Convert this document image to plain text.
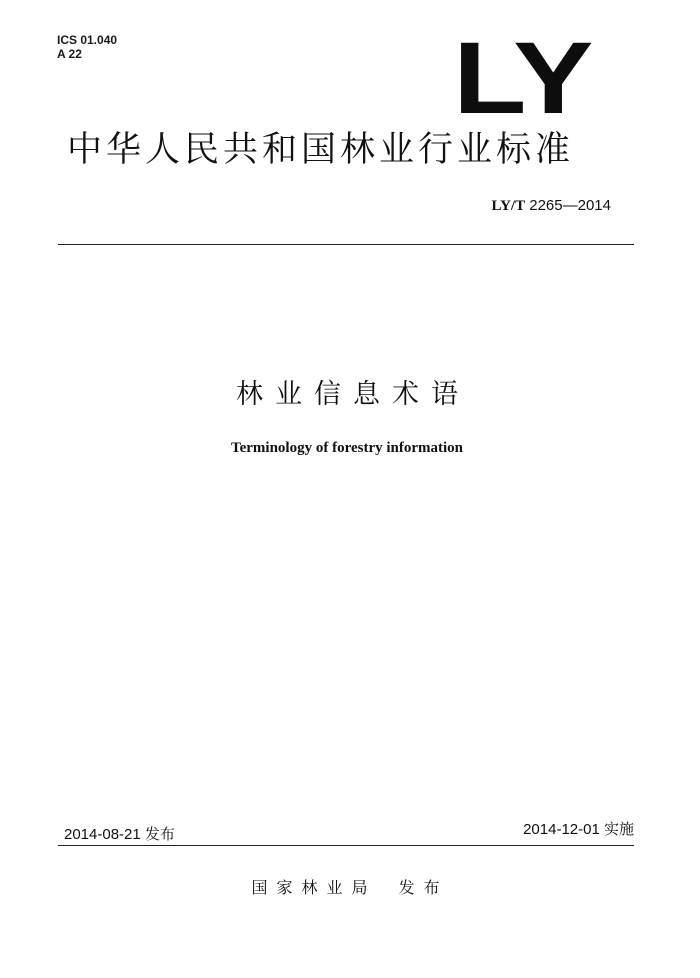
ICS 01.040
A 22	LY
中华人民共和国林业行业标准
LY/T 2265—2014
林业信息术语
Terminology of forestry information
2014-08-21 发布	2014-12-01 实施
国家林业局 发布
